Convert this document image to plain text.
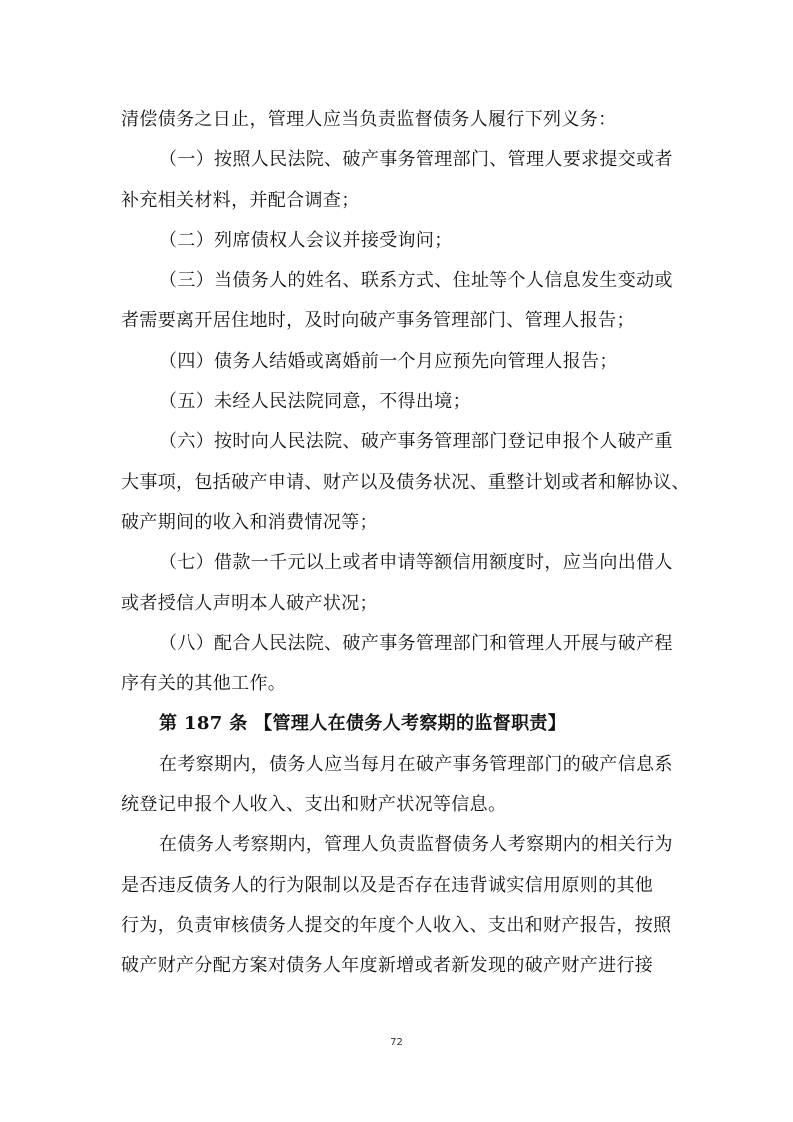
清偿债务之日止，管理人应当负责监督债务人履行下列义务：
（一）按照人民法院、破产事务管理部门、管理人要求提交或者
补充相关材料，并配合调查；
（二）列席债权人会议并接受询问；
（三）当债务人的姓名、联系方式、住址等个人信息发生变动或
者需要离开居住地时，及时向破产事务管理部门、管理人报告；
（四）债务人结婚或离婚前一个月应预先向管理人报告；
（五）未经人民法院同意，不得出境；
（六）按时向人民法院、破产事务管理部门登记申报个人破产重
大事项，包括破产申请、财产以及债务状况、重整计划或者和解协议、
破产期间的收入和消费情况等；
（七）借款一千元以上或者申请等额信用额度时，应当向出借人
或者授信人声明本人破产状况；
（八）配合人民法院、破产事务管理部门和管理人开展与破产程
序有关的其他工作。
第 187 条 【管理人在债务人考察期的监督职责】
在考察期内，债务人应当每月在破产事务管理部门的破产信息系
统登记申报个人收入、支出和财产状况等信息。
在债务人考察期内，管理人负责监督债务人考察期内的相关行为
是否违反债务人的行为限制以及是否存在违背诚实信用原则的其他
行为，负责审核债务人提交的年度个人收入、支出和财产报告，按照
破产财产分配方案对债务人年度新增或者新发现的破产财产进行接
72
